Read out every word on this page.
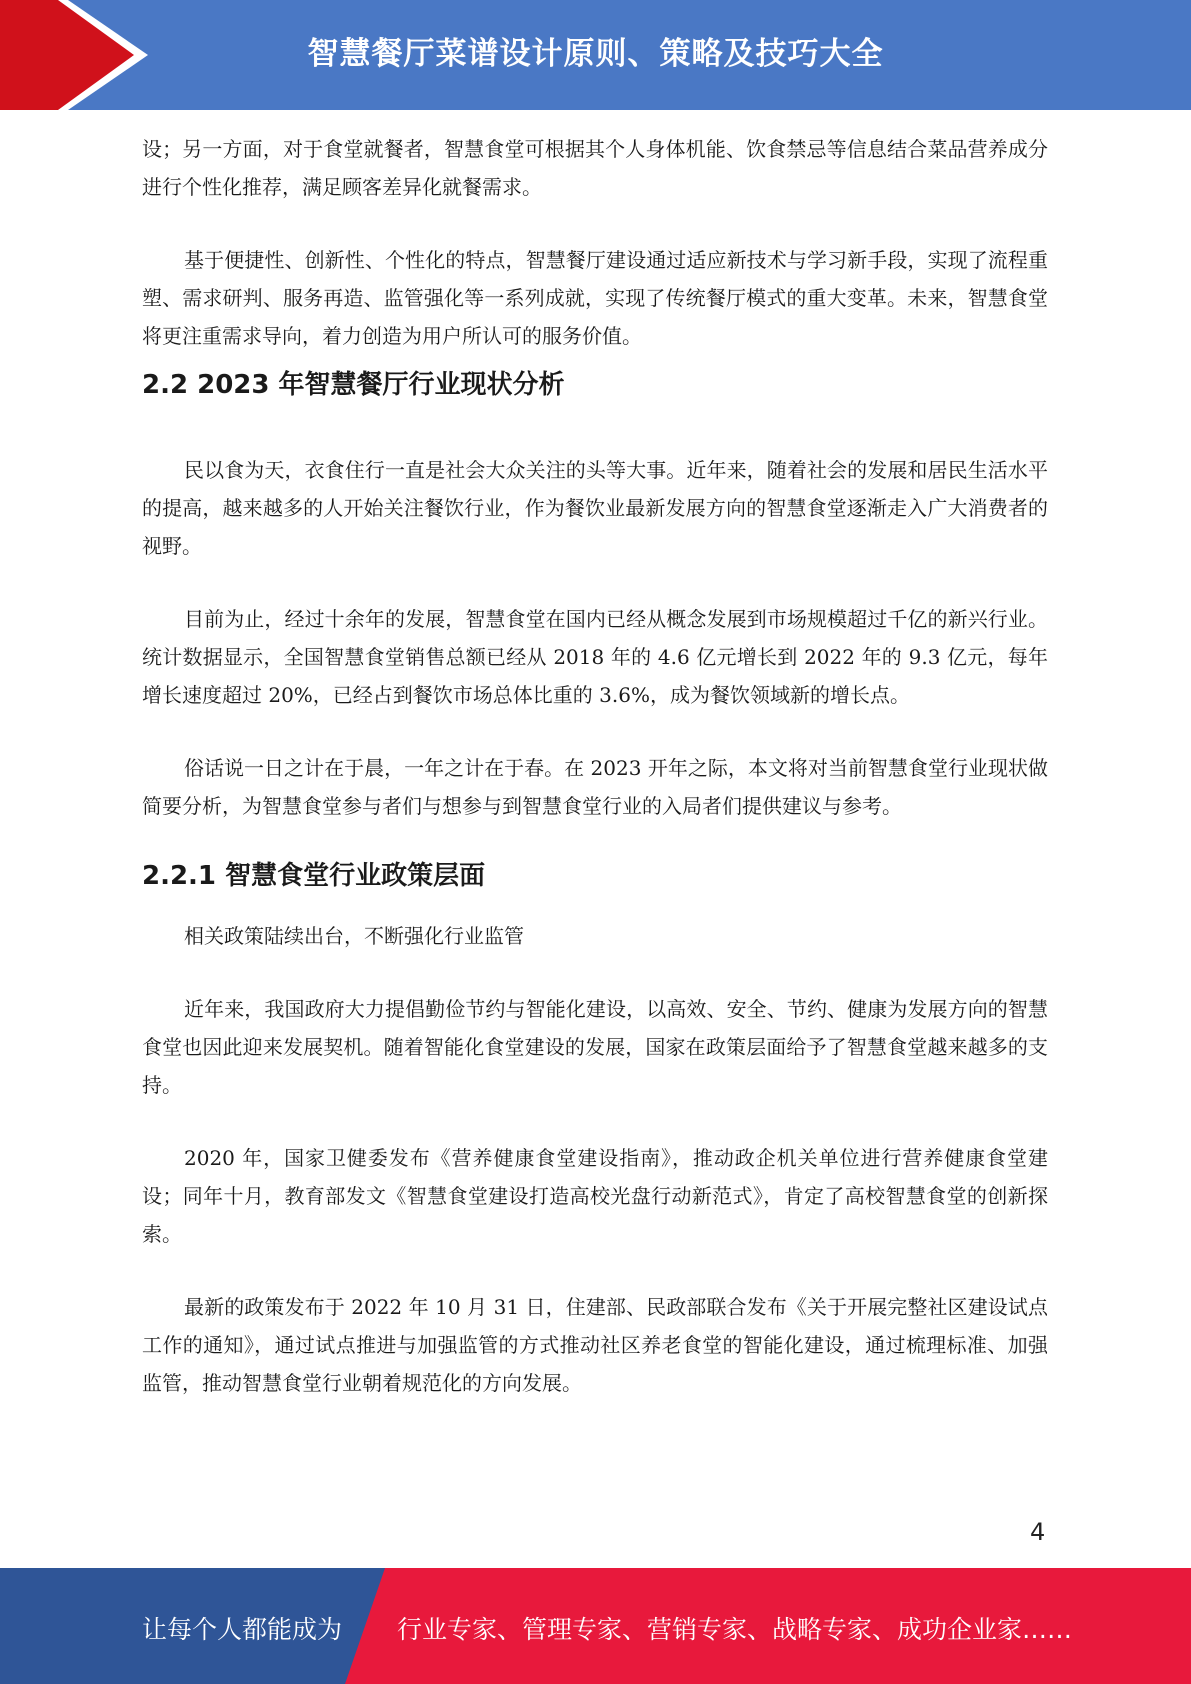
智慧餐厅菜谱设计原则、策略及技巧大全

设；另一方面，对于食堂就餐者，智慧食堂可根据其个人身体机能、饮食禁忌等信息结合菜品营养成分进行个性化推荐，满足顾客差异化就餐需求。

基于便捷性、创新性、个性化的特点，智慧餐厅建设通过适应新技术与学习新手段，实现了流程重塑、需求研判、服务再造、监管强化等一系列成就，实现了传统餐厅模式的重大变革。未来，智慧食堂将更注重需求导向，着力创造为用户所认可的服务价值。

2.2 2023 年智慧餐厅行业现状分析

民以食为天，衣食住行一直是社会大众关注的头等大事。近年来，随着社会的发展和居民生活水平的提高，越来越多的人开始关注餐饮行业，作为餐饮业最新发展方向的智慧食堂逐渐走入广大消费者的视野。

目前为止，经过十余年的发展，智慧食堂在国内已经从概念发展到市场规模超过千亿的新兴行业。统计数据显示，全国智慧食堂销售总额已经从 2018 年的 4.6 亿元增长到 2022 年的 9.3 亿元，每年增长速度超过 20%，已经占到餐饮市场总体比重的 3.6%，成为餐饮领域新的增长点。

俗话说一日之计在于晨，一年之计在于春。在 2023 开年之际，本文将对当前智慧食堂行业现状做简要分析，为智慧食堂参与者们与想参与到智慧食堂行业的入局者们提供建议与参考。

2.2.1 智慧食堂行业政策层面

相关政策陆续出台，不断强化行业监管

近年来，我国政府大力提倡勤俭节约与智能化建设，以高效、安全、节约、健康为发展方向的智慧食堂也因此迎来发展契机。随着智能化食堂建设的发展，国家在政策层面给予了智慧食堂越来越多的支持。

2020 年，国家卫健委发布《营养健康食堂建设指南》，推动政企机关单位进行营养健康食堂建设；同年十月，教育部发文《智慧食堂建设打造高校光盘行动新范式》，肯定了高校智慧食堂的创新探索。

最新的政策发布于 2022 年 10 月 31 日，住建部、民政部联合发布《关于开展完整社区建设试点工作的通知》，通过试点推进与加强监管的方式推动社区养老食堂的智能化建设，通过梳理标准、加强监管，推动智慧食堂行业朝着规范化的方向发展。

4
让每个人都能成为 行业专家、管理专家、营销专家、战略专家、成功企业家……
